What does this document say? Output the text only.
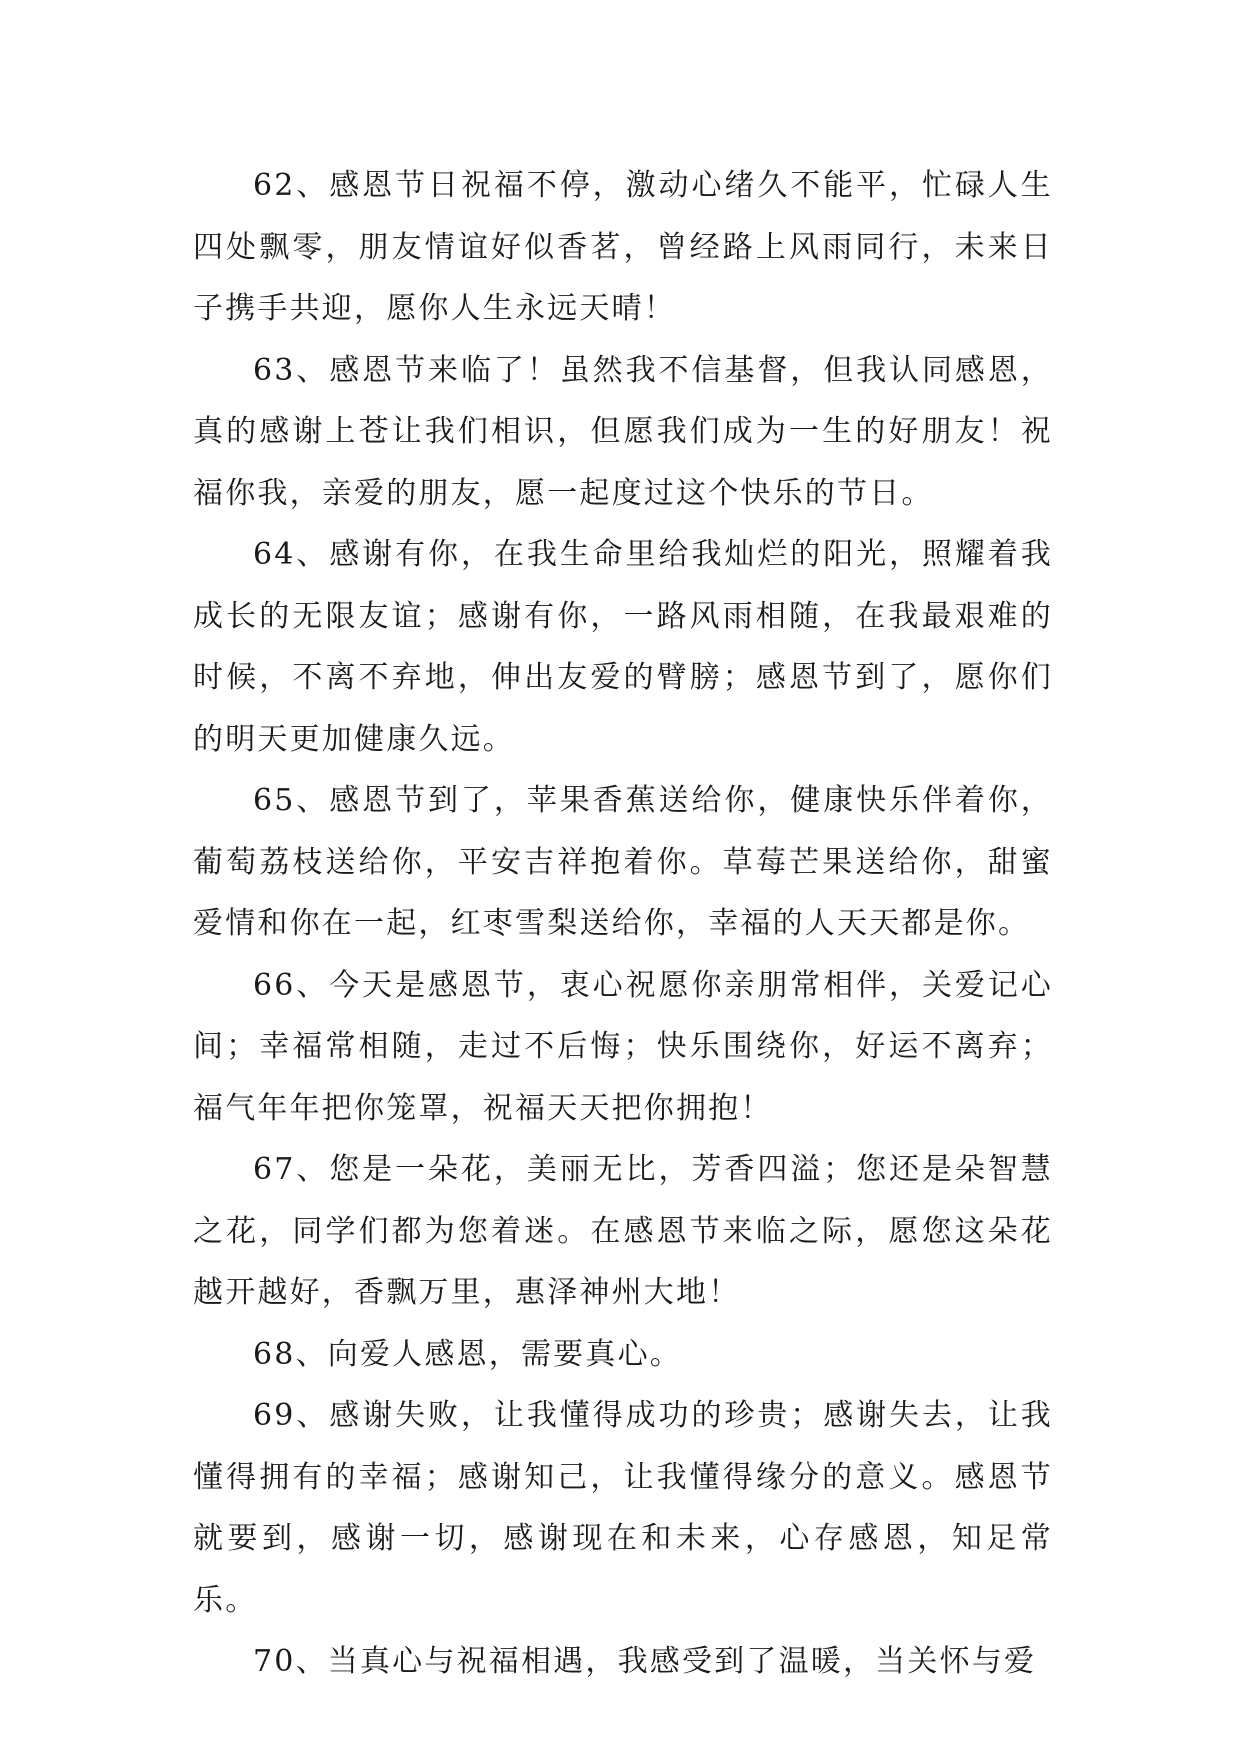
62、感恩节日祝福不停，激动心绪久不能平，忙碌人生四处飘零，朋友情谊好似香茗，曾经路上风雨同行，未来日子携手共迎，愿你人生永远天晴！

63、感恩节来临了！虽然我不信基督，但我认同感恩，真的感谢上苍让我们相识，但愿我们成为一生的好朋友！祝福你我，亲爱的朋友，愿一起度过这个快乐的节日。

64、感谢有你，在我生命里给我灿烂的阳光，照耀着我成长的无限友谊；感谢有你，一路风雨相随，在我最艰难的时候，不离不弃地，伸出友爱的臂膀；感恩节到了，愿你们的明天更加健康久远。

65、感恩节到了，苹果香蕉送给你，健康快乐伴着你，葡萄荔枝送给你，平安吉祥抱着你。草莓芒果送给你，甜蜜爱情和你在一起，红枣雪梨送给你，幸福的人天天都是你。

66、今天是感恩节，衷心祝愿你亲朋常相伴，关爱记心间；幸福常相随，走过不后悔；快乐围绕你，好运不离弃；福气年年把你笼罩，祝福天天把你拥抱！

67、您是一朵花，美丽无比，芳香四溢；您还是朵智慧之花，同学们都为您着迷。在感恩节来临之际，愿您这朵花越开越好，香飘万里，惠泽神州大地！

68、向爱人感恩，需要真心。

69、感谢失败，让我懂得成功的珍贵；感谢失去，让我懂得拥有的幸福；感谢知己，让我懂得缘分的意义。感恩节就要到，感谢一切，感谢现在和未来，心存感恩，知足常乐。

70、当真心与祝福相遇，我感受到了温暖，当关怀与爱
